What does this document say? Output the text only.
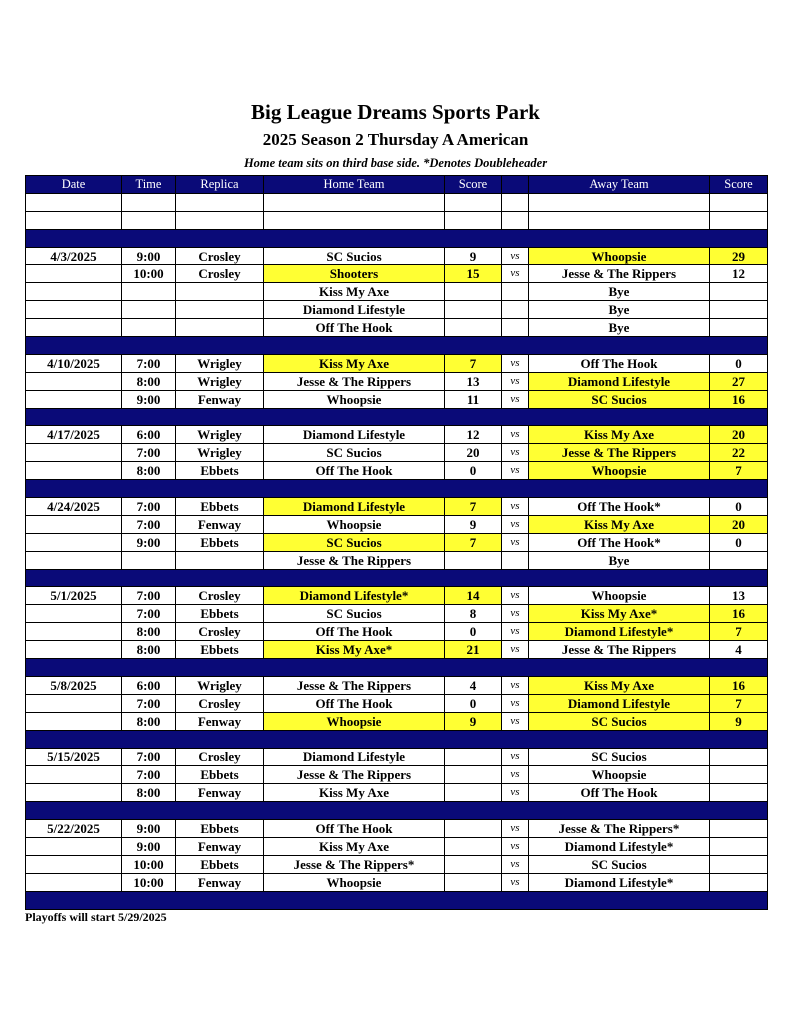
Big League Dreams Sports Park
2025 Season 2 Thursday A American
Home team sits on third base side. *Denotes Doubleheader
Date	Time	Replica	Home Team	Score		Away Team	Score

4/3/2025	9:00	Crosley	SC Sucios	9	vs	Whoopsie	29
	10:00	Crosley	Shooters	15	vs	Jesse & The Rippers	12
			Kiss My Axe			Bye	
			Diamond Lifestyle			Bye	
			Off The Hook			Bye	

4/10/2025	7:00	Wrigley	Kiss My Axe	7	vs	Off The Hook	0
	8:00	Wrigley	Jesse & The Rippers	13	vs	Diamond Lifestyle	27
	9:00	Fenway	Whoopsie	11	vs	SC Sucios	16

4/17/2025	6:00	Wrigley	Diamond Lifestyle	12	vs	Kiss My Axe	20
	7:00	Wrigley	SC Sucios	20	vs	Jesse & The Rippers	22
	8:00	Ebbets	Off The Hook	0	vs	Whoopsie	7

4/24/2025	7:00	Ebbets	Diamond Lifestyle	7	vs	Off The Hook*	0
	7:00	Fenway	Whoopsie	9	vs	Kiss My Axe	20
	9:00	Ebbets	SC Sucios	7	vs	Off The Hook*	0
			Jesse & The Rippers			Bye	

5/1/2025	7:00	Crosley	Diamond Lifestyle*	14	vs	Whoopsie	13
	7:00	Ebbets	SC Sucios	8	vs	Kiss My Axe*	16
	8:00	Crosley	Off The Hook	0	vs	Diamond Lifestyle*	7
	8:00	Ebbets	Kiss My Axe*	21	vs	Jesse & The Rippers	4

5/8/2025	6:00	Wrigley	Jesse & The Rippers	4	vs	Kiss My Axe	16
	7:00	Crosley	Off The Hook	0	vs	Diamond Lifestyle	7
	8:00	Fenway	Whoopsie	9	vs	SC Sucios	9

5/15/2025	7:00	Crosley	Diamond Lifestyle		vs	SC Sucios	
	7:00	Ebbets	Jesse & The Rippers		vs	Whoopsie	
	8:00	Fenway	Kiss My Axe		vs	Off The Hook	

5/22/2025	9:00	Ebbets	Off The Hook		vs	Jesse & The Rippers*	
	9:00	Fenway	Kiss My Axe		vs	Diamond Lifestyle*	
	10:00	Ebbets	Jesse & The Rippers*		vs	SC Sucios	
	10:00	Fenway	Whoopsie		vs	Diamond Lifestyle*	

Playoffs will start 5/29/2025
